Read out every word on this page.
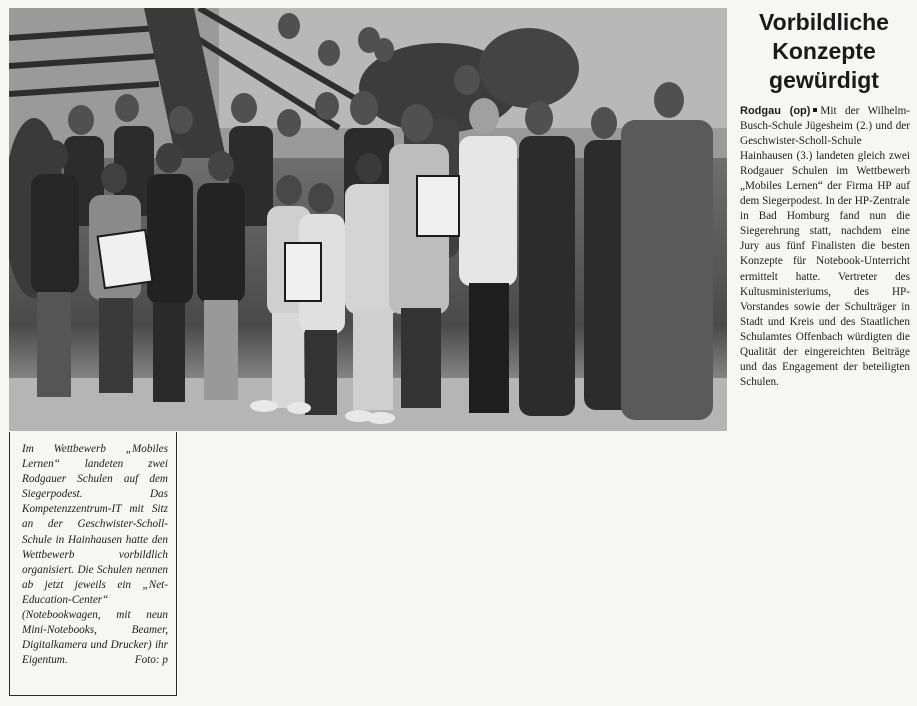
Vorbildliche Konzepte gewürdigt

Rodgau (op) Mit der Wilhelm-Busch-Schule Jügesheim (2.) und der Geschwister-Scholl-Schule Hainhausen (3.) landeten gleich zwei Rodgauer Schulen im Wettbewerb „Mobiles Lernen“ der Firma HP auf dem Siegerpodest. In der HP-Zentrale in Bad Homburg fand nun die Siegerehrung statt, nachdem eine Jury aus fünf Finalisten die besten Konzepte für Notebook-Unterricht ermittelt hatte. Vertreter des Kultusministeriums, des HP-Vorstandes sowie der Schulträger in Stadt und Kreis und des Staatlichen Schulamtes Offenbach würdigten die Qualität der eingereichten Beiträge und das Engagement der beteiligten Schulen.

Im Wettbewerb „Mobiles Lernen“ landeten zwei Rodgauer Schulen auf dem Siegerpodest. Das Kompetenzzentrum-IT mit Sitz an der Geschwister-Scholl-Schule in Hainhausen hatte den Wettbewerb vorbildlich organisiert. Die Schulen nennen ab jetzt jeweils ein „Net-Education-Center“ (Notebookwagen, mit neun Mini-Notebooks, Beamer, Digitalkamera und Drucker) ihr Eigentum.	Foto: p
